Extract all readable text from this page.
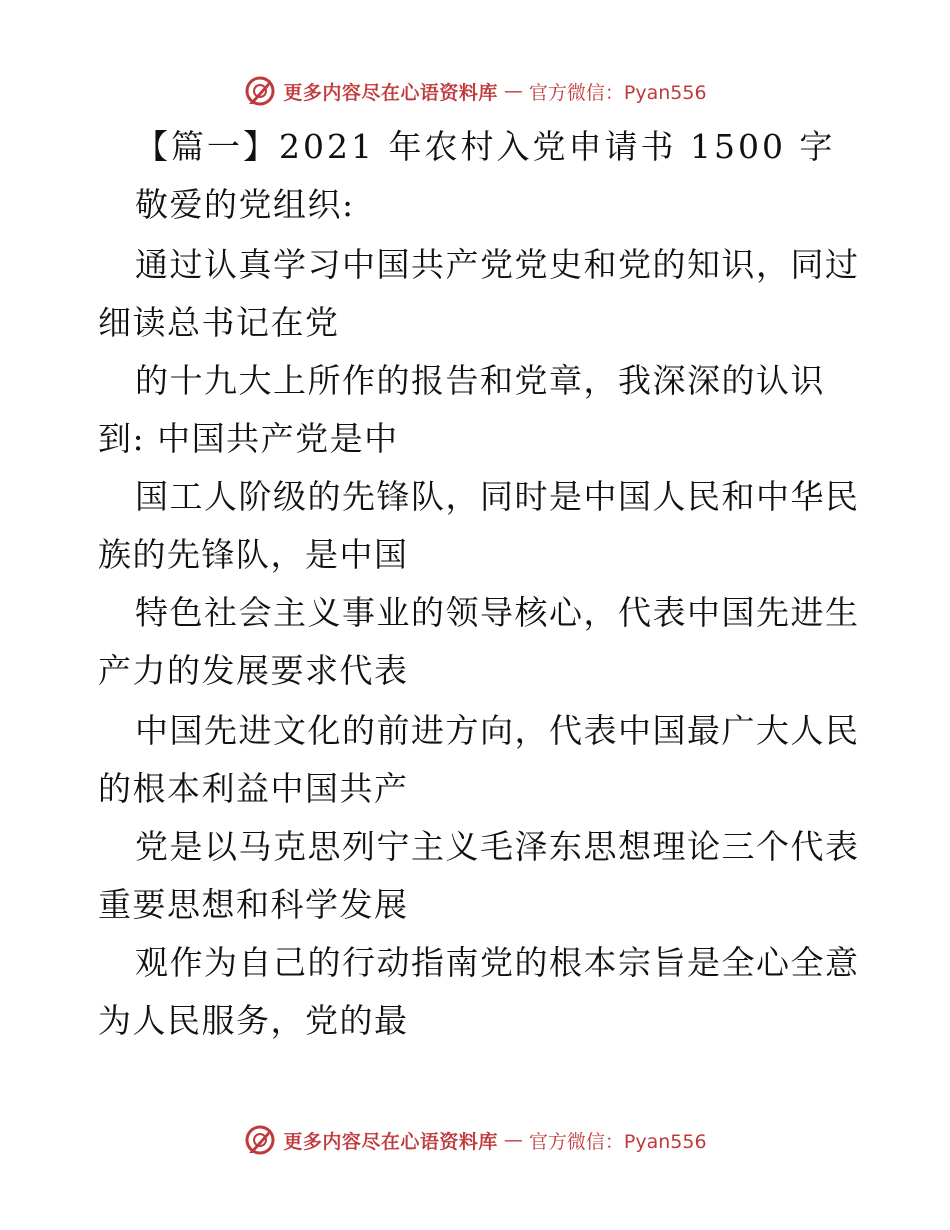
更多内容尽在心语资料库 — 官方微信：Pyan556
【篇一】2021 年农村入党申请书 1500 字
敬爱的党组织:
通过认真学习中国共产党党史和党的知识，同过
细读总书记在党
的十九大上所作的报告和党章，我深深的认识
到: 中国共产党是中
国工人阶级的先锋队，同时是中国人民和中华民
族的先锋队，是中国
特色社会主义事业的领导核心，代表中国先进生
产力的发展要求代表
中国先进文化的前进方向，代表中国最广大人民
的根本利益中国共产
党是以马克思列宁主义毛泽东思想理论三个代表
重要思想和科学发展
观作为自己的行动指南党的根本宗旨是全心全意
为人民服务，党的最
更多内容尽在心语资料库 — 官方微信：Pyan556
